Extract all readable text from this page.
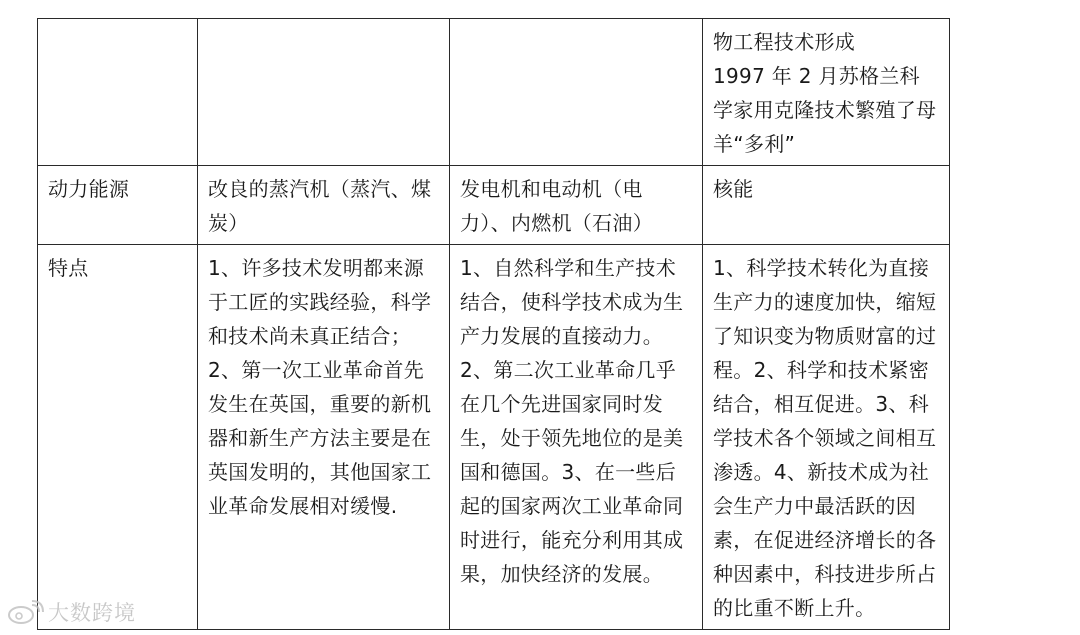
			物工程技术形成
1997 年 2 月苏格兰科学家用克隆技术繁殖了母羊“多利”

动力能源	改良的蒸汽机（蒸汽、煤炭）	发电机和电动机（电力）、内燃机（石油）	核能

特点	1、许多技术发明都来源于工匠的实践经验，科学和技术尚未真正结合；2、第一次工业革命首先发生在英国，重要的新机器和新生产方法主要是在英国发明的，其他国家工业革命发展相对缓慢.	1、自然科学和生产技术结合，使科学技术成为生产力发展的直接动力。2、第二次工业革命几乎在几个先进国家同时发生，处于领先地位的是美国和德国。3、在一些后起的国家两次工业革命同时进行，能充分利用其成果，加快经济的发展。	1、科学技术转化为直接生产力的速度加快，缩短了知识变为物质财富的过程。2、科学和技术紧密结合，相互促进。3、科学技术各个领域之间相互渗透。4、新技术成为社会生产力中最活跃的因素，在促进经济增长的各种因素中，科技进步所占的比重不断上升。
大数跨境
